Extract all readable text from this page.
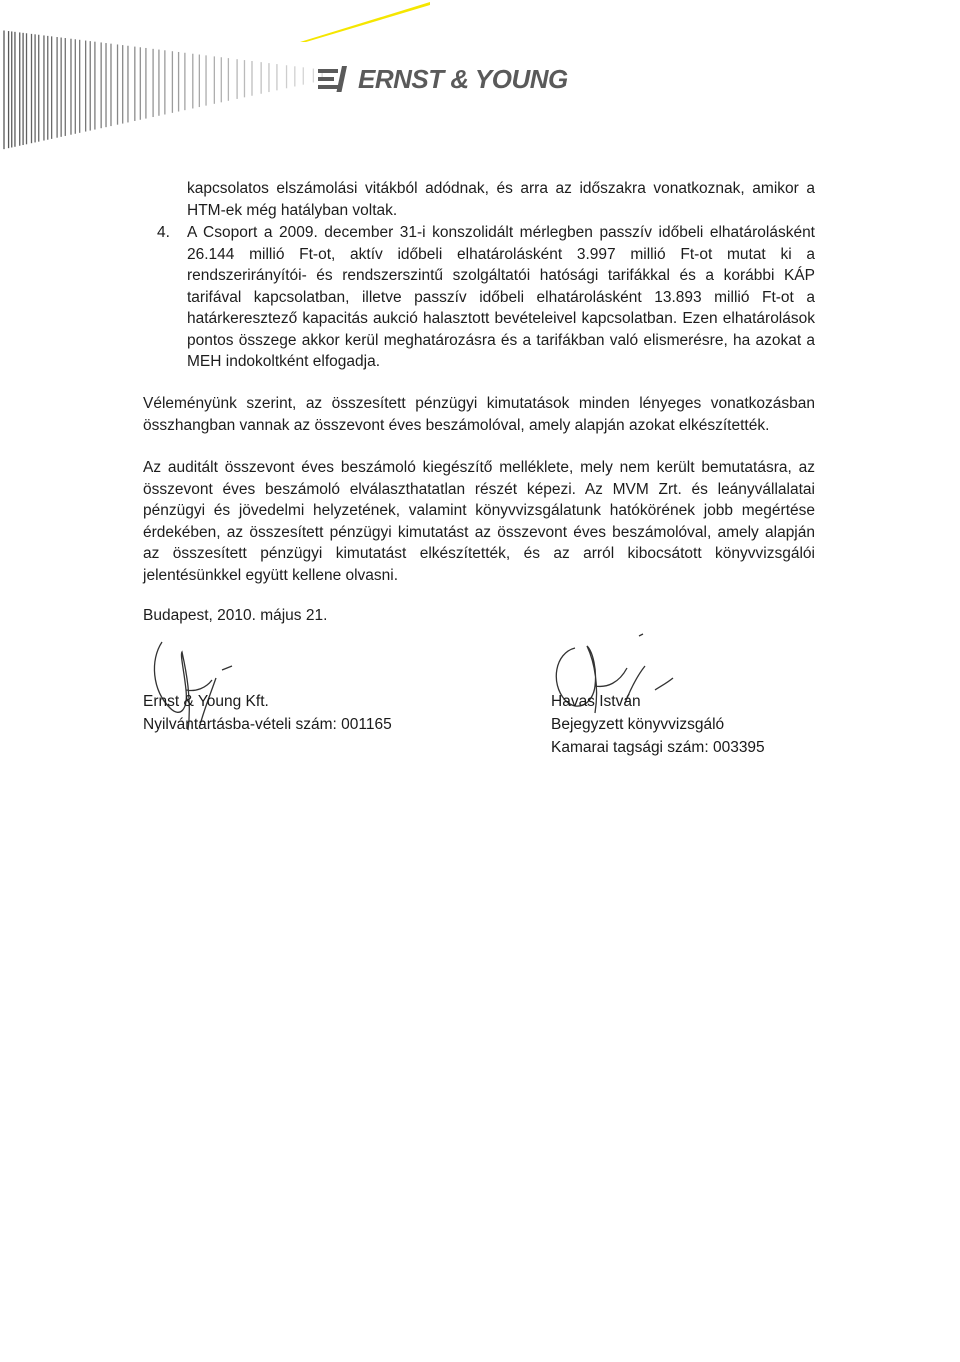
ERNST & YOUNG
kapcsolatos elszámolási vitákból adódnak, és arra az időszakra vonatkoznak, amikor a HTM-ek még hatályban voltak.
4. A Csoport a 2009. december 31-i konszolidált mérlegben passzív időbeli elhatárolásként 26.144 millió Ft-ot, aktív időbeli elhatárolásként 3.997 millió Ft-ot mutat ki a rendszerirányítói- és rendszerszintű szolgáltatói hatósági tarifákkal és a korábbi KÁP tarifával kapcsolatban, illetve passzív időbeli elhatárolásként 13.893 millió Ft-ot a határkeresztező kapacitás aukció halasztott bevételeivel kapcsolatban. Ezen elhatárolások pontos összege akkor kerül meghatározásra és a tarifákban való elismerésre, ha azokat a MEH indokoltként elfogadja.
Véleményünk szerint, az összesített pénzügyi kimutatások minden lényeges vonatkozásban összhangban vannak az összevont éves beszámolóval, amely alapján azokat elkészítették.
Az auditált összevont éves beszámoló kiegészítő melléklete, mely nem került bemutatásra, az összevont éves beszámoló elválaszthatatlan részét képezi. Az MVM Zrt. és leányvállalatai pénzügyi és jövedelmi helyzetének, valamint könyvvizsgálatunk hatókörének jobb megértése érdekében, az összesített pénzügyi kimutatást az összevont éves beszámolóval, amely alapján az összesített pénzügyi kimutatást elkészítették, és az arról kibocsátott könyvvizsgálói jelentésünkkel együtt kellene olvasni.
Budapest, 2010. május 21.
Ernst & Young Kft.
Nyilvántartásba-vételi szám: 001165
Havas István
Bejegyzett könyvvizsgáló
Kamarai tagsági szám: 003395
